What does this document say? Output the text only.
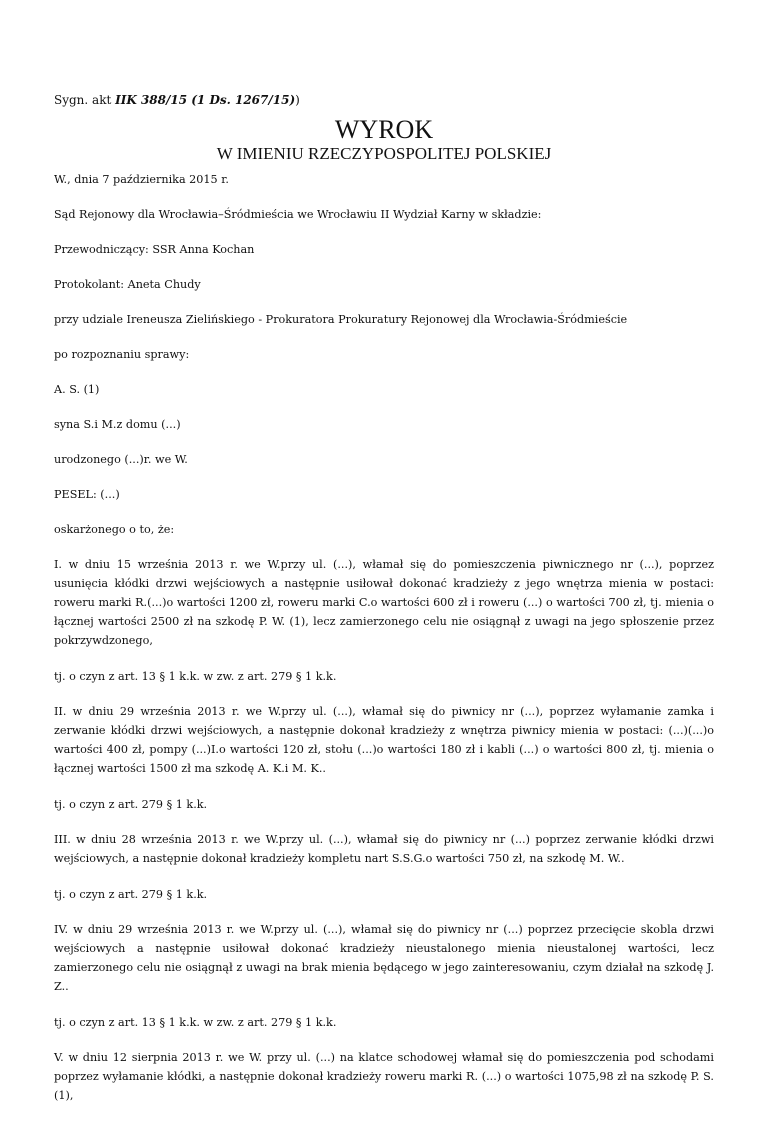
Sygn. akt IIK 388/15 (1 Ds. 1267/15))
WYROK
W IMIENIU RZECZYPOSPOLITEJ POLSKIEJ

W., dnia 7 października 2015 r.

Sąd Rejonowy dla Wrocławia–Śródmieścia we Wrocławiu II Wydział Karny w składzie:

Przewodniczący: SSR Anna Kochan

Protokolant: Aneta Chudy

przy udziale Ireneusza Zielińskiego - Prokuratora Prokuratury Rejonowej dla Wrocławia-Śródmieście

po rozpoznaniu sprawy:

A. S. (1)

syna S.i M.z domu (...)

urodzonego (...)r. we W.

PESEL: (...)

oskarżonego o to, że:

I. w dniu 15 września 2013 r. we W.przy ul. (...), włamał się do pomieszczenia piwnicznego nr (...), poprzez usunięcia kłódki drzwi wejściowych a następnie usiłował dokonać kradzieży z jego wnętrza mienia w postaci: roweru marki R.(...)o wartości 1200 zł, roweru marki C.o wartości 600 zł i roweru (...) o wartości 700 zł, tj. mienia o łącznej wartości 2500 zł na szkodę P. W. (1), lecz zamierzonego celu nie osiągnął z uwagi na jego spłoszenie przez pokrzywdzonego,

tj. o czyn z art. 13 § 1 k.k. w zw. z art. 279 § 1 k.k.

II. w dniu 29 września 2013 r. we W.przy ul. (...), włamał się do piwnicy nr (...), poprzez wyłamanie zamka i zerwanie kłódki drzwi wejściowych, a następnie dokonał kradzieży z wnętrza piwnicy mienia w postaci: (...)(...)o wartości 400 zł, pompy (...)I.o wartości 120 zł, stołu (...)o wartości 180 zł i kabli (...) o wartości 800 zł, tj. mienia o łącznej wartości 1500 zł ma szkodę A. K.i M. K..

tj. o czyn z art. 279 § 1 k.k.

III. w dniu 28 września 2013 r. we W.przy ul. (...), włamał się do piwnicy nr (...) poprzez zerwanie kłódki drzwi wejściowych, a następnie dokonał kradzieży kompletu nart S.S.G.o wartości 750 zł, na szkodę M. W..

tj. o czyn z art. 279 § 1 k.k.

IV. w dniu 29 września 2013 r. we W.przy ul. (...), włamał się do piwnicy nr (...) poprzez przecięcie skobla drzwi wejściowych a następnie usiłował dokonać kradzieży nieustalonego mienia nieustalonej wartości, lecz zamierzonego celu nie osiągnął z uwagi na brak mienia będącego w jego zainteresowaniu, czym działał na szkodę J. Z..

tj. o czyn z art. 13 § 1 k.k. w zw. z art. 279 § 1 k.k.

V. w dniu 12 sierpnia 2013 r. we W. przy ul. (...) na klatce schodowej włamał się do pomieszczenia pod schodami poprzez wyłamanie kłódki, a następnie dokonał kradzieży roweru marki R. (...) o wartości 1075,98 zł na szkodę P. S. (1),
